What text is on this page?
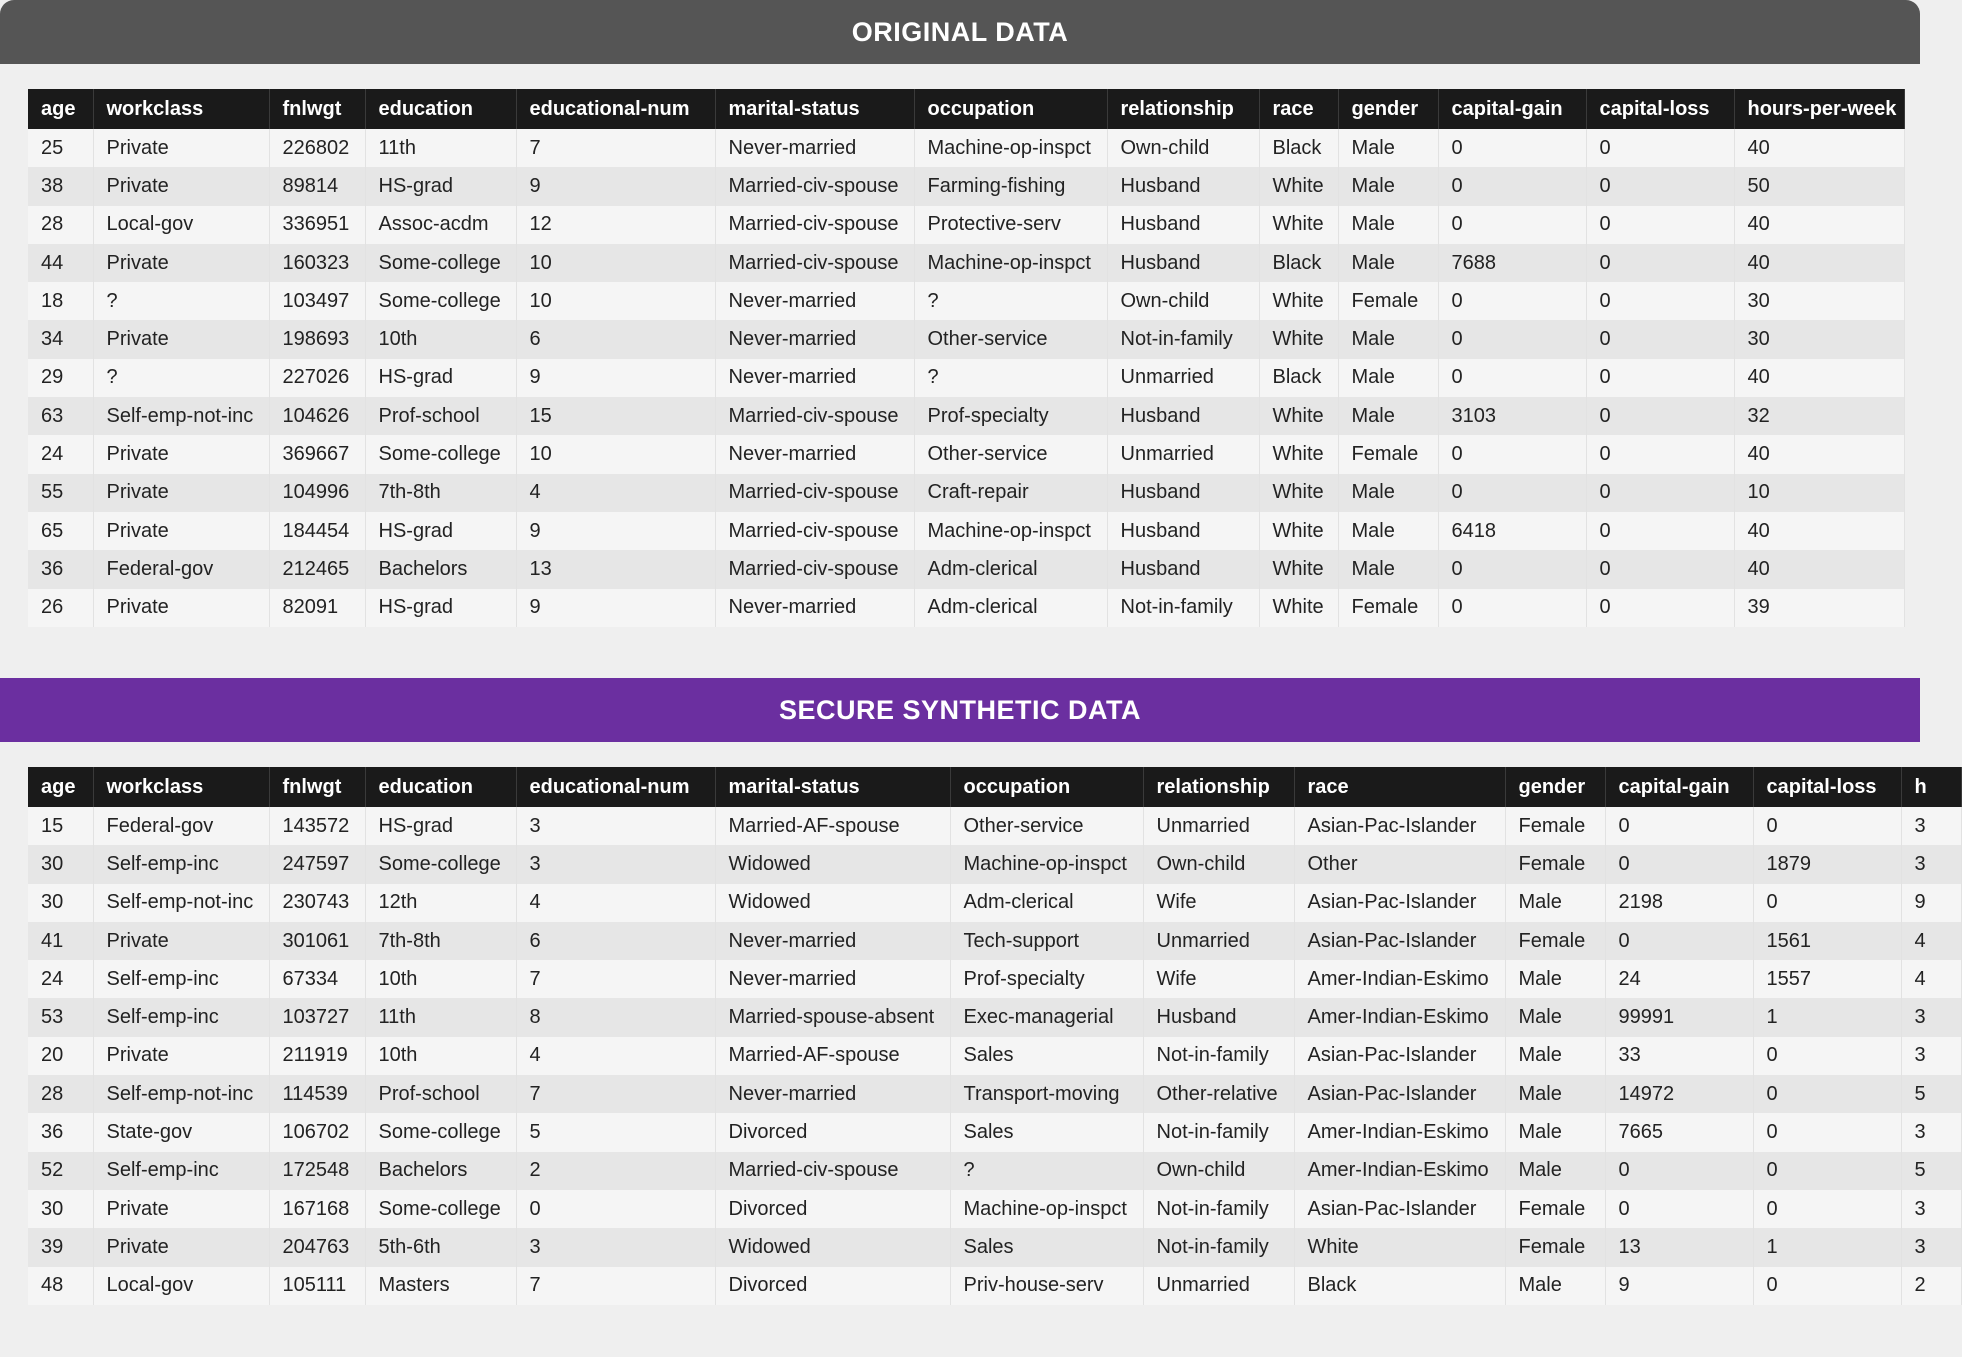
ORIGINAL DATA
age	workclass	fnlwgt	education	educational-num	marital-status	occupation	relationship	race	gender	capital-gain	capital-loss	hours-per-week
25	Private	226802	11th	7	Never-married	Machine-op-inspct	Own-child	Black	Male	0	0	40
38	Private	89814	HS-grad	9	Married-civ-spouse	Farming-fishing	Husband	White	Male	0	0	50
28	Local-gov	336951	Assoc-acdm	12	Married-civ-spouse	Protective-serv	Husband	White	Male	0	0	40
44	Private	160323	Some-college	10	Married-civ-spouse	Machine-op-inspct	Husband	Black	Male	7688	0	40
18	?	103497	Some-college	10	Never-married	?	Own-child	White	Female	0	0	30
34	Private	198693	10th	6	Never-married	Other-service	Not-in-family	White	Male	0	0	30
29	?	227026	HS-grad	9	Never-married	?	Unmarried	Black	Male	0	0	40
63	Self-emp-not-inc	104626	Prof-school	15	Married-civ-spouse	Prof-specialty	Husband	White	Male	3103	0	32
24	Private	369667	Some-college	10	Never-married	Other-service	Unmarried	White	Female	0	0	40
55	Private	104996	7th-8th	4	Married-civ-spouse	Craft-repair	Husband	White	Male	0	0	10
65	Private	184454	HS-grad	9	Married-civ-spouse	Machine-op-inspct	Husband	White	Male	6418	0	40
36	Federal-gov	212465	Bachelors	13	Married-civ-spouse	Adm-clerical	Husband	White	Male	0	0	40
26	Private	82091	HS-grad	9	Never-married	Adm-clerical	Not-in-family	White	Female	0	0	39
SECURE SYNTHETIC DATA
age	workclass	fnlwgt	education	educational-num	marital-status	occupation	relationship	race	gender	capital-gain	capital-loss	h
15	Federal-gov	143572	HS-grad	3	Married-AF-spouse	Other-service	Unmarried	Asian-Pac-Islander	Female	0	0	3
30	Self-emp-inc	247597	Some-college	3	Widowed	Machine-op-inspct	Own-child	Other	Female	0	1879	3
30	Self-emp-not-inc	230743	12th	4	Widowed	Adm-clerical	Wife	Asian-Pac-Islander	Male	2198	0	9
41	Private	301061	7th-8th	6	Never-married	Tech-support	Unmarried	Asian-Pac-Islander	Female	0	1561	4
24	Self-emp-inc	67334	10th	7	Never-married	Prof-specialty	Wife	Amer-Indian-Eskimo	Male	24	1557	4
53	Self-emp-inc	103727	11th	8	Married-spouse-absent	Exec-managerial	Husband	Amer-Indian-Eskimo	Male	99991	1	3
20	Private	211919	10th	4	Married-AF-spouse	Sales	Not-in-family	Asian-Pac-Islander	Male	33	0	3
28	Self-emp-not-inc	114539	Prof-school	7	Never-married	Transport-moving	Other-relative	Asian-Pac-Islander	Male	14972	0	5
36	State-gov	106702	Some-college	5	Divorced	Sales	Not-in-family	Amer-Indian-Eskimo	Male	7665	0	3
52	Self-emp-inc	172548	Bachelors	2	Married-civ-spouse	?	Own-child	Amer-Indian-Eskimo	Male	0	0	5
30	Private	167168	Some-college	0	Divorced	Machine-op-inspct	Not-in-family	Asian-Pac-Islander	Female	0	0	3
39	Private	204763	5th-6th	3	Widowed	Sales	Not-in-family	White	Female	13	1	3
48	Local-gov	105111	Masters	7	Divorced	Priv-house-serv	Unmarried	Black	Male	9	0	2
